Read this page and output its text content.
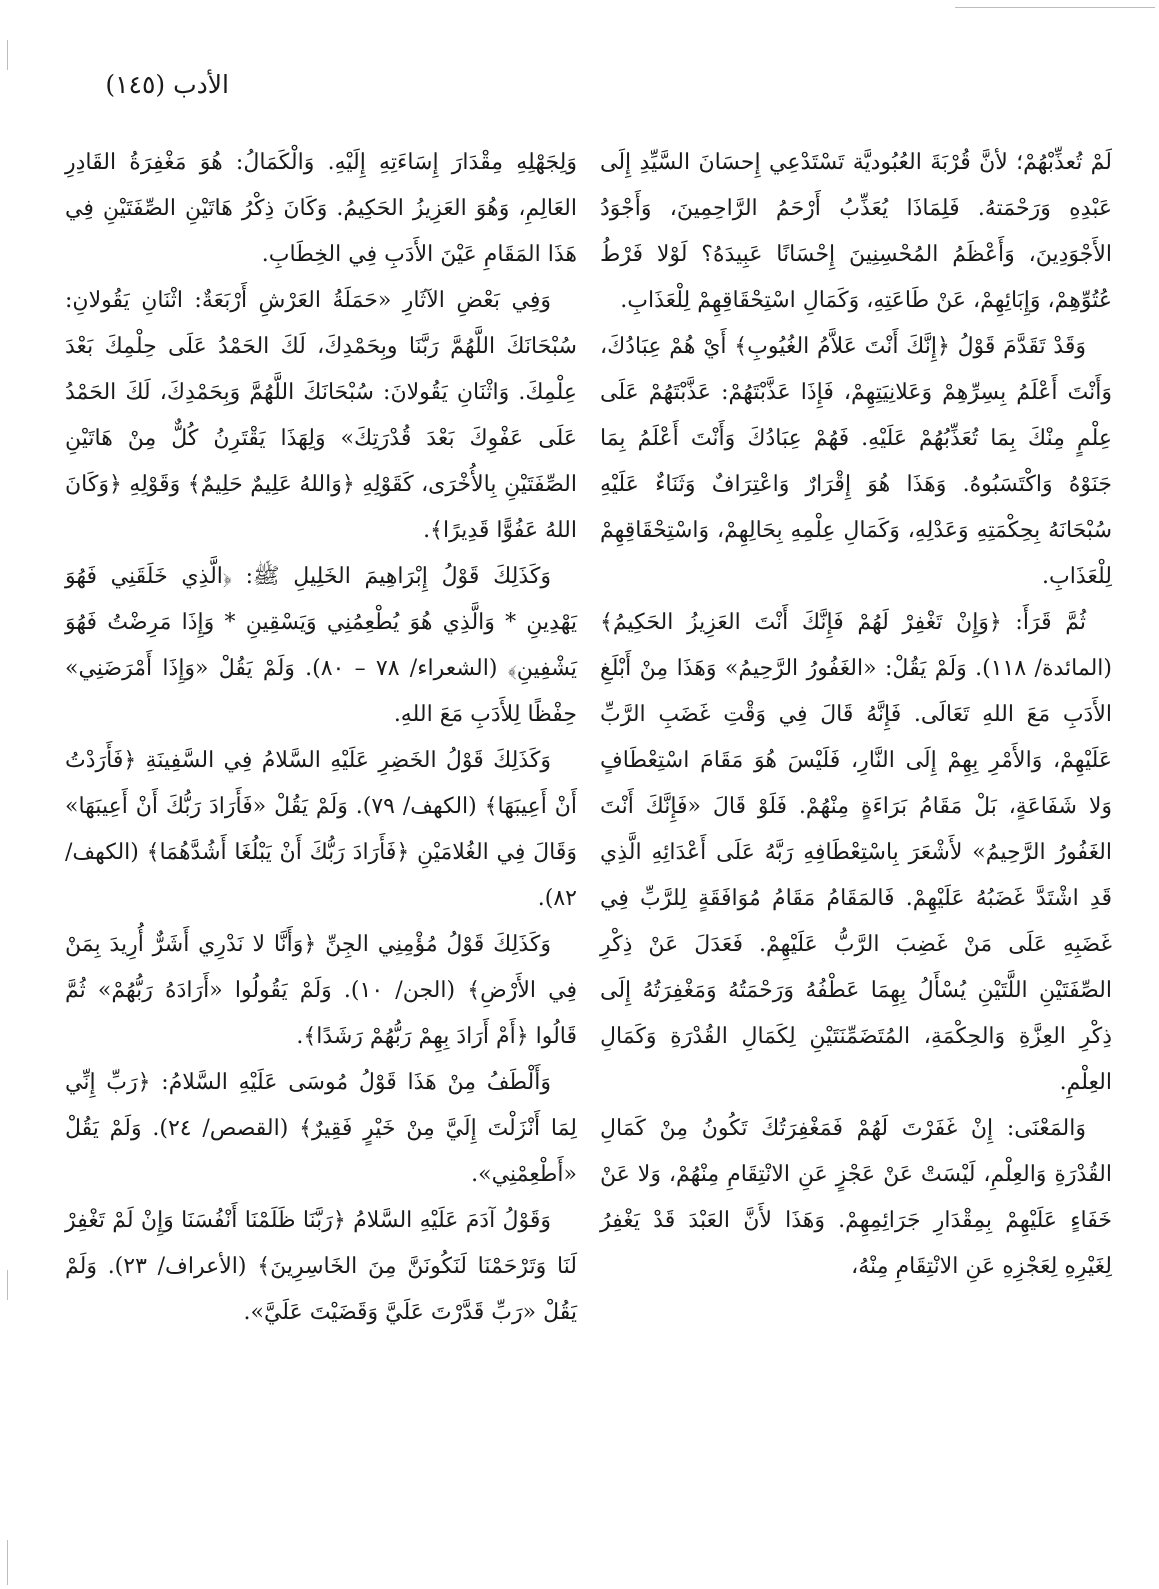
الأدب (١٤٥)

لَمْ تُعذِّبْهُمْ؛ لأنَّ قُرْبَةَ العُبُوديَّة تَسْتَدْعِي إِحسَانَ السَّيِّدِ إِلَى عَبْدِهِ وَرَحْمَتهُ. فَلِمَاذَا يُعَذِّبُ أَرْحَمُ الرَّاحِمِينَ، وَأَجْوَدُ الأَجْوَدِينَ، وَأَعْظَمُ المُحْسِنِينَ إِحْسَانًا عَبِيدَهُ؟ لَوْلا فَرْطُ عُتُوِّهِمْ، وَإِبَائِهِمْ، عَنْ طَاعَتِهِ، وَكَمَالِ اسْتِحْقَاقِهِمْ لِلْعَذَابِ.

وَقَدْ تَقَدَّمَ قَوْلُ ﴿إِنَّكَ أَنْتَ عَلاَّمُ الغُيُوبِ﴾ أَيْ هُمْ عِبَادُكَ، وَأَنْتَ أَعْلَمُ بِسِرِّهِمْ وَعَلانِيَتِهِمْ، فَإِذَا عَذَّبْتَهُمْ: عَذَّبْتَهُمْ عَلَى عِلْمٍ مِنْكَ بِمَا تُعَذِّبُهُمْ عَلَيْهِ. فَهُمْ عِبَادُكَ وَأَنْتَ أَعْلَمُ بِمَا جَنَوْهُ وَاكْتَسَبُوهُ. وَهَذَا هُوَ إِقْرَارٌ وَاعْتِرَافٌ وَثَنَاءٌ عَلَيْهِ سُبْحَانَهُ بِحِكْمَتِهِ وَعَدْلِهِ، وَكَمَالِ عِلْمِهِ بِحَالِهِمْ، وَاسْتِحْقَاقِهِمْ لِلْعَذَابِ.

ثُمَّ قَرَأَ: ﴿وَإِنْ تَغْفِرْ لَهُمْ فَإِنَّكَ أَنْتَ العَزِيزُ الحَكِيمُ﴾ (المائدة/ ١١٨). وَلَمْ يَقُلْ: «الغَفُورُ الرَّحِيمُ» وَهَذَا مِنْ أَبْلَغِ الأَدَبِ مَعَ اللهِ تَعَالَى. فَإِنَّهُ قَالَ فِي وَقْتِ غَضَبِ الرَّبِّ عَلَيْهِمْ، وَالأَمْرِ بِهِمْ إِلَى النَّارِ، فَلَيْسَ هُوَ مَقَامَ اسْتِعْطَافٍ وَلا شَفَاعَةٍ، بَلْ مَقَامُ بَرَاءَةٍ مِنْهُمْ. فَلَوْ قَالَ «فَإِنَّكَ أَنْتَ الغَفُورُ الرَّحِيمُ» لأَشْعَرَ بِاسْتِعْطَافِهِ رَبَّهُ عَلَى أَعْدَائِهِ الَّذِي قَدِ اشْتَدَّ غَضَبُهُ عَلَيْهِمْ. فَالمَقَامُ مَقَامُ مُوَافَقَةٍ لِلرَّبِّ فِي غَضَبِهِ عَلَى مَنْ غَضِبَ الرَّبُّ عَلَيْهِمْ. فَعَدَلَ عَنْ ذِكْرِ الصِّفَتَيْنِ اللَّتَيْنِ يُسْأَلُ بِهِمَا عَطْفُهُ وَرَحْمَتُهُ وَمَغْفِرَتُهُ إِلَى ذِكْرِ العِزَّةِ وَالحِكْمَةِ، المُتَضَمِّنَتَيْنِ لِكَمَالِ القُدْرَةِ وَكَمَالِ العِلْمِ.

وَالمَعْنَى: إِنْ غَفَرْتَ لَهُمْ فَمَغْفِرَتُكَ تَكُونُ مِنْ كَمَالِ القُدْرَةِ وَالعِلْمِ، لَيْسَتْ عَنْ عَجْزٍ عَنِ الانْتِقَامِ مِنْهُمْ، وَلا عَنْ خَفَاءٍ عَلَيْهِمْ بِمِقْدَارِ جَرَائِمِهِمْ. وَهَذَا لأَنَّ العَبْدَ قَدْ يَغْفِرُ لِغَيْرِهِ لِعَجْزِهِ عَنِ الانْتِقَامِ مِنْهُ،

وَلِجَهْلِهِ مِقْدَارَ إِسَاءَتِهِ إِلَيْهِ. وَالْكَمَالُ: هُوَ مَغْفِرَةُ القَادِرِ العَالِمِ، وَهُوَ العَزِيزُ الحَكِيمُ. وَكَانَ ذِكْرُ هَاتَيْنِ الصِّفَتَيْنِ فِي هَذَا المَقَامِ عَيْنَ الأَدَبِ فِي الخِطَابِ.

وَفِي بَعْضِ الآثَارِ «حَمَلَةُ العَرْشِ أَرْبَعَةٌ: اثْنَانِ يَقُولانِ: سُبْحَانَكَ اللَّهُمَّ رَبَّنَا وبِحَمْدِكَ، لَكَ الحَمْدُ عَلَى حِلْمِكَ بَعْدَ عِلْمِكَ. وَاثْنَانِ يَقُولانَ: سُبْحَانَكَ اللَّهُمَّ وَبِحَمْدِكَ، لَكَ الحَمْدُ عَلَى عَفْوِكَ بَعْدَ قُدْرَتِكَ» وَلِهَذَا يَقْتَرِنُ كُلٌّ مِنْ هَاتَيْنِ الصِّفَتَيْنِ بِالأُخْرَى، كَقَوْلِهِ ﴿وَاللهُ عَلِيمٌ حَلِيمٌ﴾ وَقَوْلِهِ ﴿وَكَانَ اللهُ عَفُوًّا قَدِيرًا﴾.

وَكَذَلِكَ قَوْلُ إِبْرَاهِيمَ الخَلِيلِ ﷺ: ﴿الَّذِي خَلَقَنِي فَهُوَ يَهْدِينِ * وَالَّذِي هُوَ يُطْعِمُنِي وَيَسْقِينِ * وَإِذَا مَرِضْتُ فَهُوَ يَشْفِينِ﴾ (الشعراء/ ٧٨ – ٨٠). وَلَمْ يَقُلْ «وَإِذَا أَمْرَضَنِي» حِفْظًا لِلأَدَبِ مَعَ اللهِ.

وَكَذَلِكَ قَوْلُ الخَضِرِ عَلَيْهِ السَّلامُ فِي السَّفِينَةِ ﴿فَأَرَدْتُ أَنْ أَعِيبَهَا﴾ (الكهف/ ٧٩). وَلَمْ يَقُلْ «فَأَرَادَ رَبُّكَ أَنْ أَعِيبَهَا» وَقَالَ فِي الغُلامَيْنِ ﴿فَأَرَادَ رَبُّكَ أَنْ يَبْلُغَا أَشُدَّهُمَا﴾ (الكهف/ ٨٢).

وَكَذَلِكَ قَوْلُ مُؤْمِنِي الجِنِّ ﴿وَأَنَّا لا نَدْرِي أَشَرٌّ أُرِيدَ بِمَنْ فِي الأَرْضِ﴾ (الجن/ ١٠). وَلَمْ يَقُولُوا «أَرَادَهُ رَبُّهُمْ» ثُمَّ قَالُوا ﴿أَمْ أَرَادَ بِهِمْ رَبُّهُمْ رَشَدًا﴾.

وَأَلْطَفُ مِنْ هَذَا قَوْلُ مُوسَى عَلَيْهِ السَّلامُ: ﴿رَبِّ إِنِّي لِمَا أَنْزَلْتَ إِلَيَّ مِنْ خَيْرٍ فَقِيرٌ﴾ (القصص/ ٢٤). وَلَمْ يَقُلْ «أَطْعِمْنِي».

وَقَوْلُ آدَمَ عَلَيْهِ السَّلامُ ﴿رَبَّنَا ظَلَمْنَا أَنْفُسَنَا وَإِنْ لَمْ تَغْفِرْ لَنَا وَتَرْحَمْنَا لَنَكُونَنَّ مِنَ الخَاسِرِينَ﴾ (الأعراف/ ٢٣). وَلَمْ يَقُلْ «رَبِّ قَدَّرْتَ عَلَيَّ وَقَضَيْتَ عَلَيَّ».
